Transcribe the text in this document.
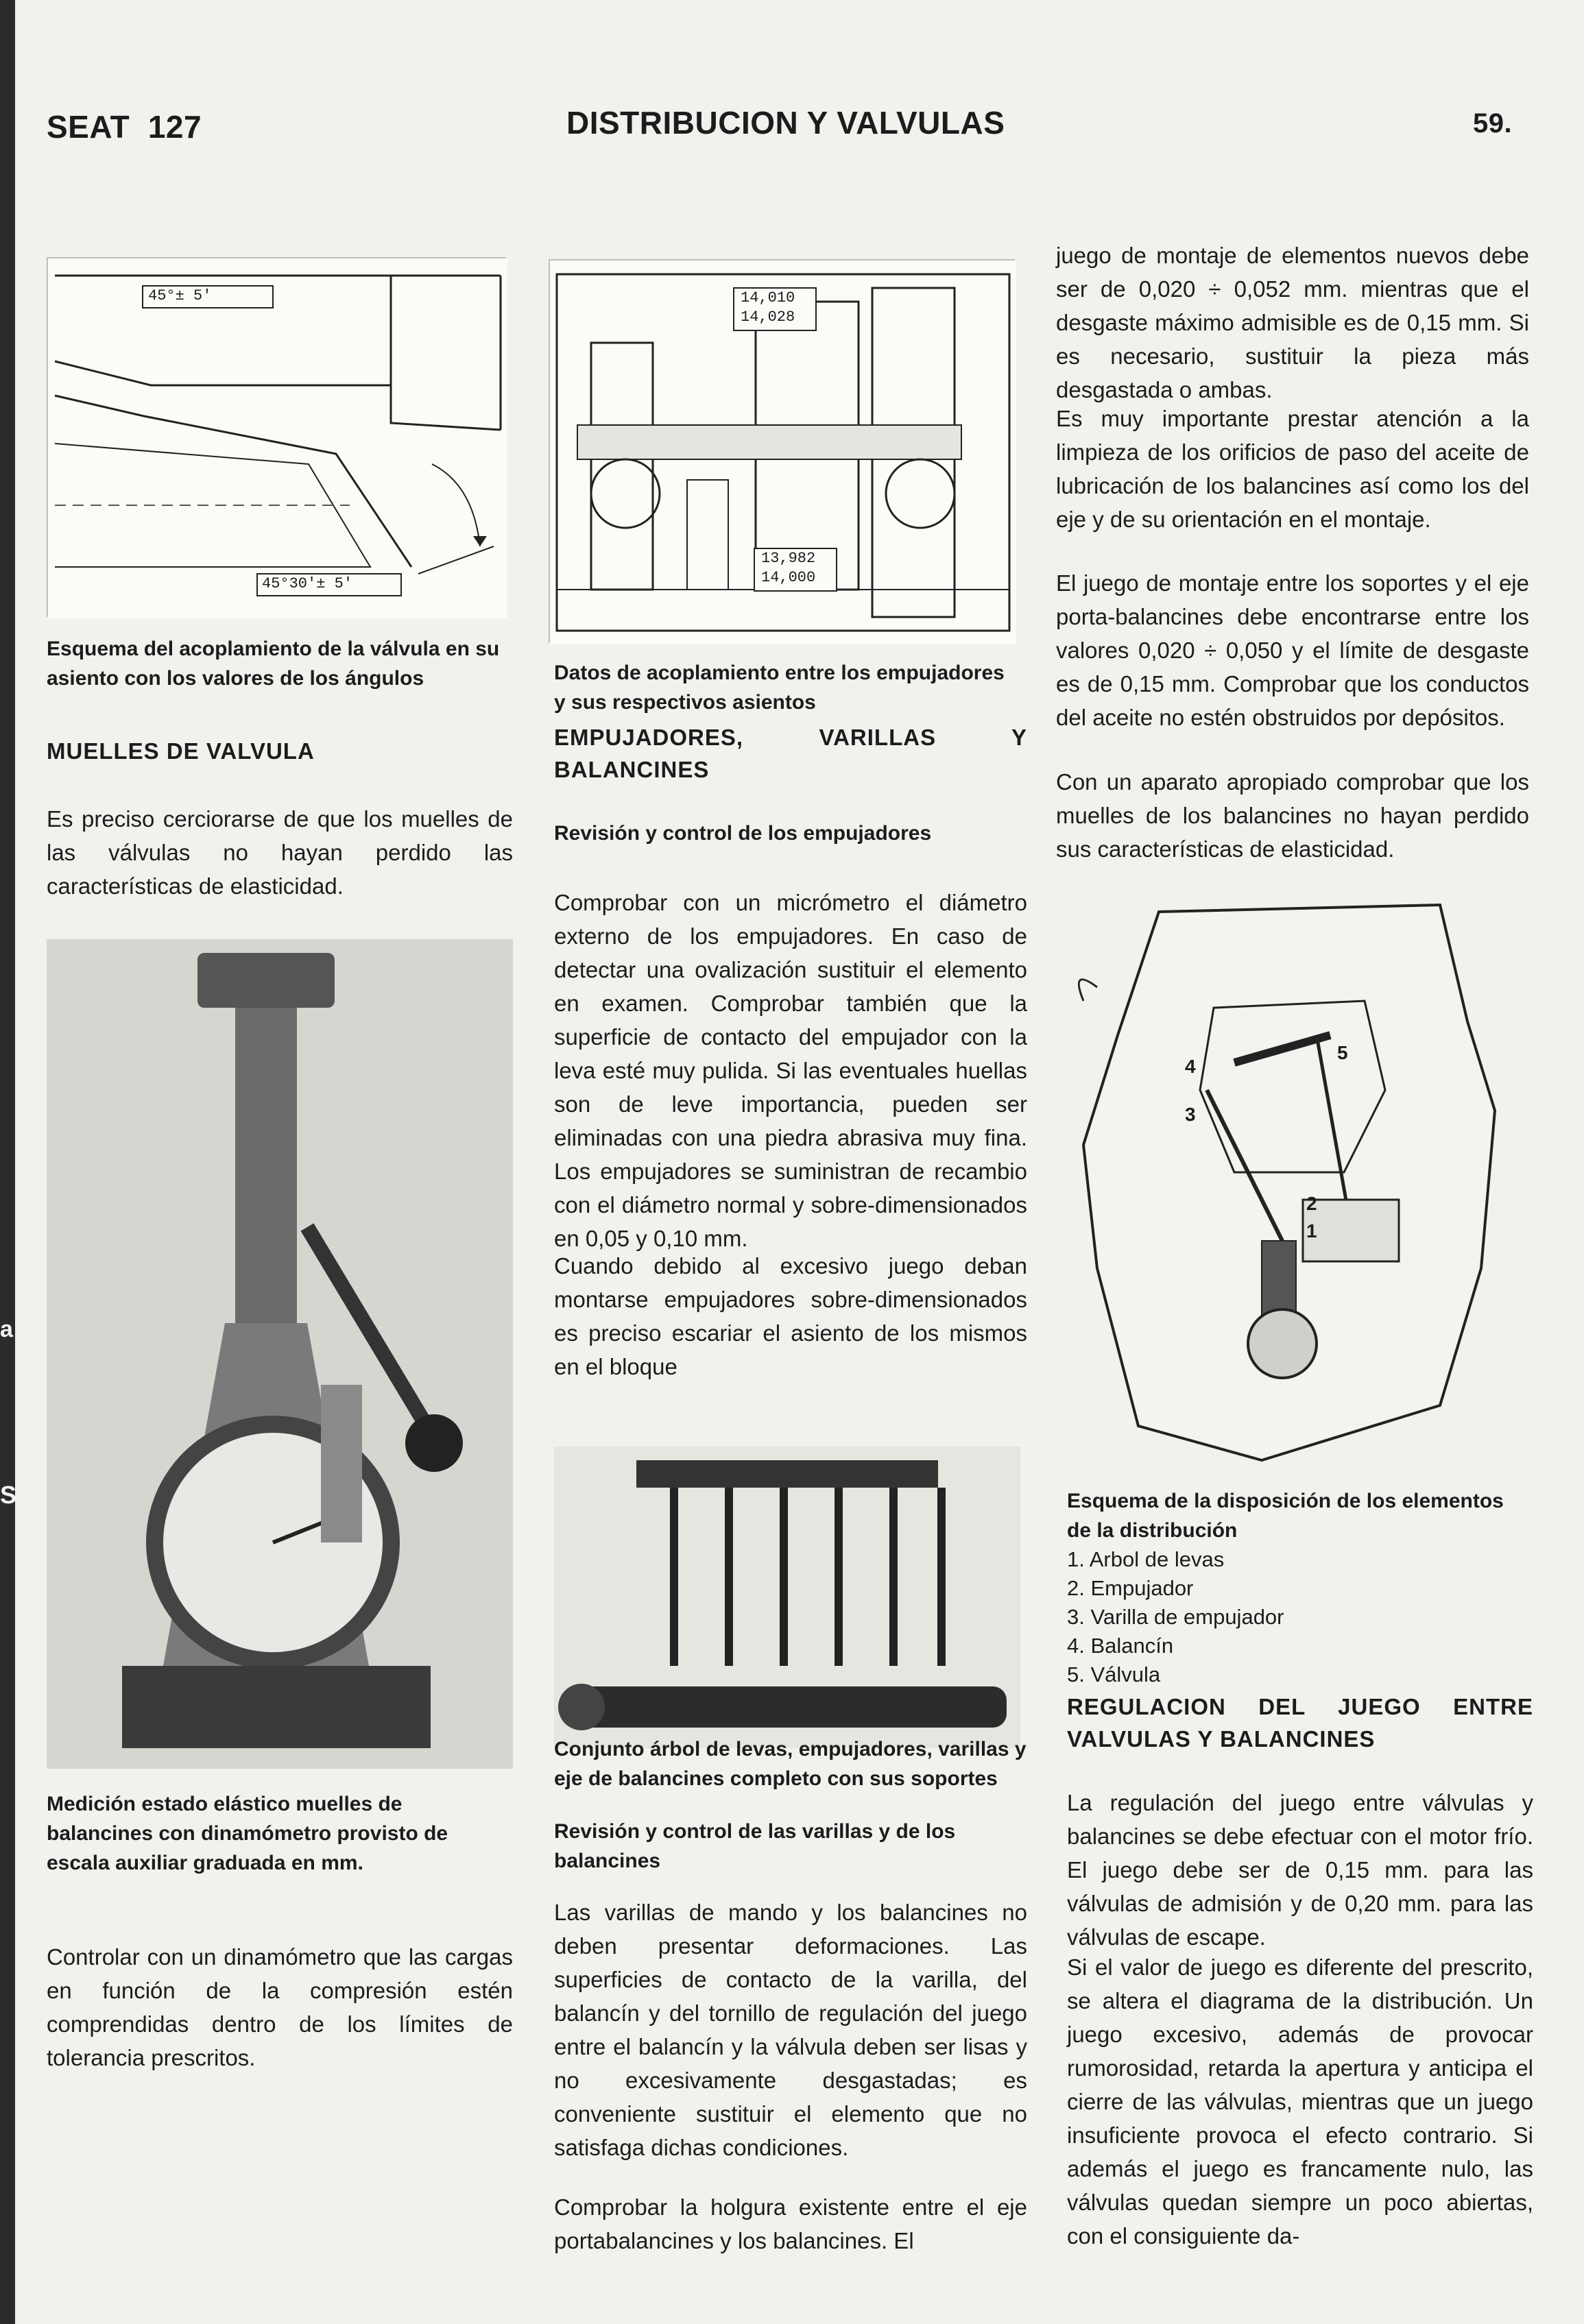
a
S
SEAT  127	DISTRIBUCION Y VALVULAS	59.
45°± 5'
45°30'± 5'
Esquema del acoplamiento de la válvula en su asiento con los valores de los ángulos
MUELLES DE VALVULA
Es preciso cerciorarse de que los muelles de las válvulas no hayan perdido las características de elasticidad.
Medición estado elástico muelles de balancines con dinamómetro provisto de escala auxiliar graduada en mm.
Controlar con un dinamómetro que las cargas en función de la compresión estén comprendidas dentro de los límites de tolerancia prescritos.
14,010
14,028
13,982
14,000
Datos de acoplamiento entre los empujadores y sus respectivos asientos
EMPUJADORES, VARILLAS Y BALANCINES
Revisión y control de los empujadores
Comprobar con un micrómetro el diámetro externo de los empujadores. En caso de detectar una ovalización sustituir el elemento en examen. Comprobar también que la superficie de contacto del empujador con la leva esté muy pulida. Si las eventuales huellas son de leve importancia, pueden ser eliminadas con una piedra abrasiva muy fina. Los empujadores se suministran de recambio con el diámetro normal y sobre-dimensionados en 0,05 y 0,10 mm.
Cuando debido al excesivo juego deban montarse empujadores sobre-dimensionados es preciso escariar el asiento de los mismos en el bloque
Conjunto árbol de levas, empujadores, varillas y eje de balancines completo con sus soportes
Revisión y control de las varillas y de los balancines
Las varillas de mando y los balancines no deben presentar deformaciones. Las superficies de contacto de la varilla, del balancín y del tornillo de regulación del juego entre el balancín y la válvula deben ser lisas y no excesivamente desgastadas; es conveniente sustituir el elemento que no satisfaga dichas condiciones.
Comprobar la holgura existente entre el eje portabalancines y los balancines. El
juego de montaje de elementos nuevos debe ser de 0,020 ÷ 0,052 mm. mientras que el desgaste máximo admisible es de 0,15 mm. Si es necesario, sustituir la pieza más desgastada o ambas.
Es muy importante prestar atención a la limpieza de los orificios de paso del aceite de lubricación de los balancines así como los del eje y de su orientación en el montaje.
El juego de montaje entre los soportes y el eje porta-balancines debe encontrarse entre los valores 0,020 ÷ 0,050 y el límite de desgaste es de 0,15 mm. Comprobar que los conductos del aceite no estén obstruidos por depósitos.
Con un aparato apropiado comprobar que los muelles de los balancines no hayan perdido sus características de elasticidad.
4
5
3
2
1
Esquema de la disposición de los elementos de la distribución
1. Arbol de levas
2. Empujador
3. Varilla de empujador
4. Balancín
5. Válvula
REGULACION DEL JUEGO ENTRE VALVULAS Y BALANCINES
La regulación del juego entre válvulas y balancines se debe efectuar con el motor frío. El juego debe ser de 0,15 mm. para las válvulas de admisión y de 0,20 mm. para las válvulas de escape.
Si el valor de juego es diferente del prescrito, se altera el diagrama de la distribución. Un juego excesivo, además de provocar rumorosidad, retarda la apertura y anticipa el cierre de las válvulas, mientras que un juego insuficiente provoca el efecto contrario. Si además el juego es francamente nulo, las válvulas quedan siempre un poco abiertas, con el consiguiente da-
